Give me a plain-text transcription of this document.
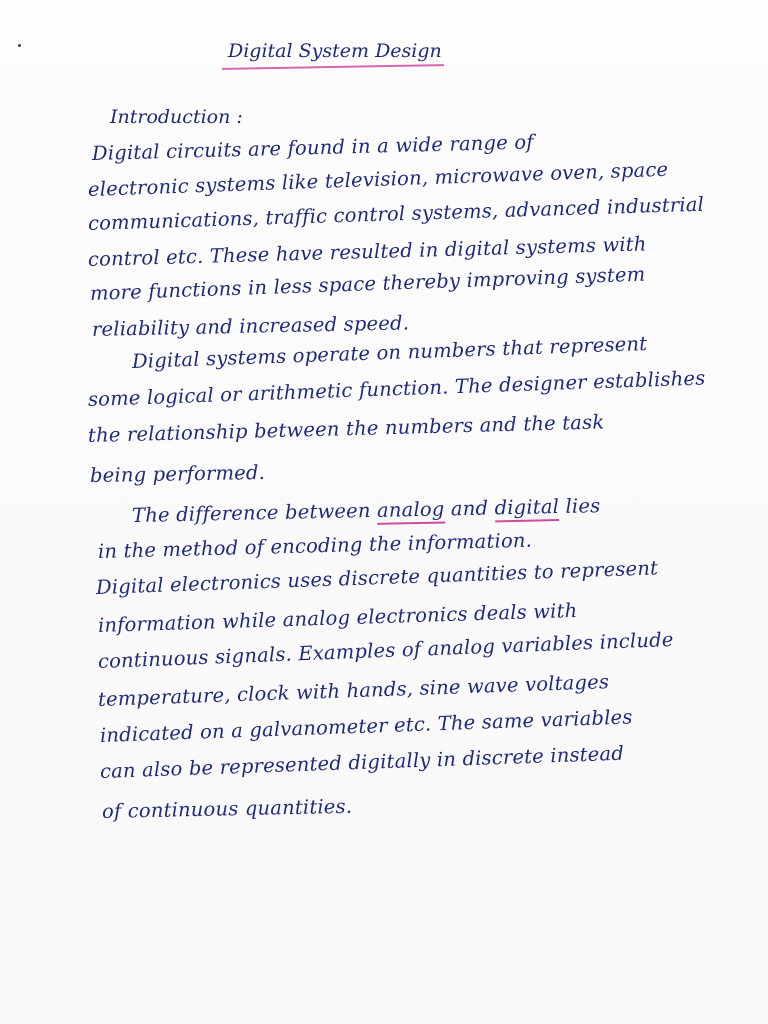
Digital System Design
Introduction :
Digital circuits are found in a wide range of
electronic systems like television, microwave oven, space
communications, traffic control systems, advanced industrial
control etc. These have resulted in digital systems with
more functions in less space thereby improving system
reliability and increased speed.
Digital systems operate on numbers that represent
some logical or arithmetic function. The designer establishes
the relationship between the numbers and the task
being performed.
The difference between analog and digital lies
in the method of encoding the information.
Digital electronics uses discrete quantities to represent
information while analog electronics deals with
continuous signals. Examples of analog variables include
temperature, clock with hands, sine wave voltages
indicated on a galvanometer etc. The same variables
can also be represented digitally in discrete instead
of continuous quantities.
